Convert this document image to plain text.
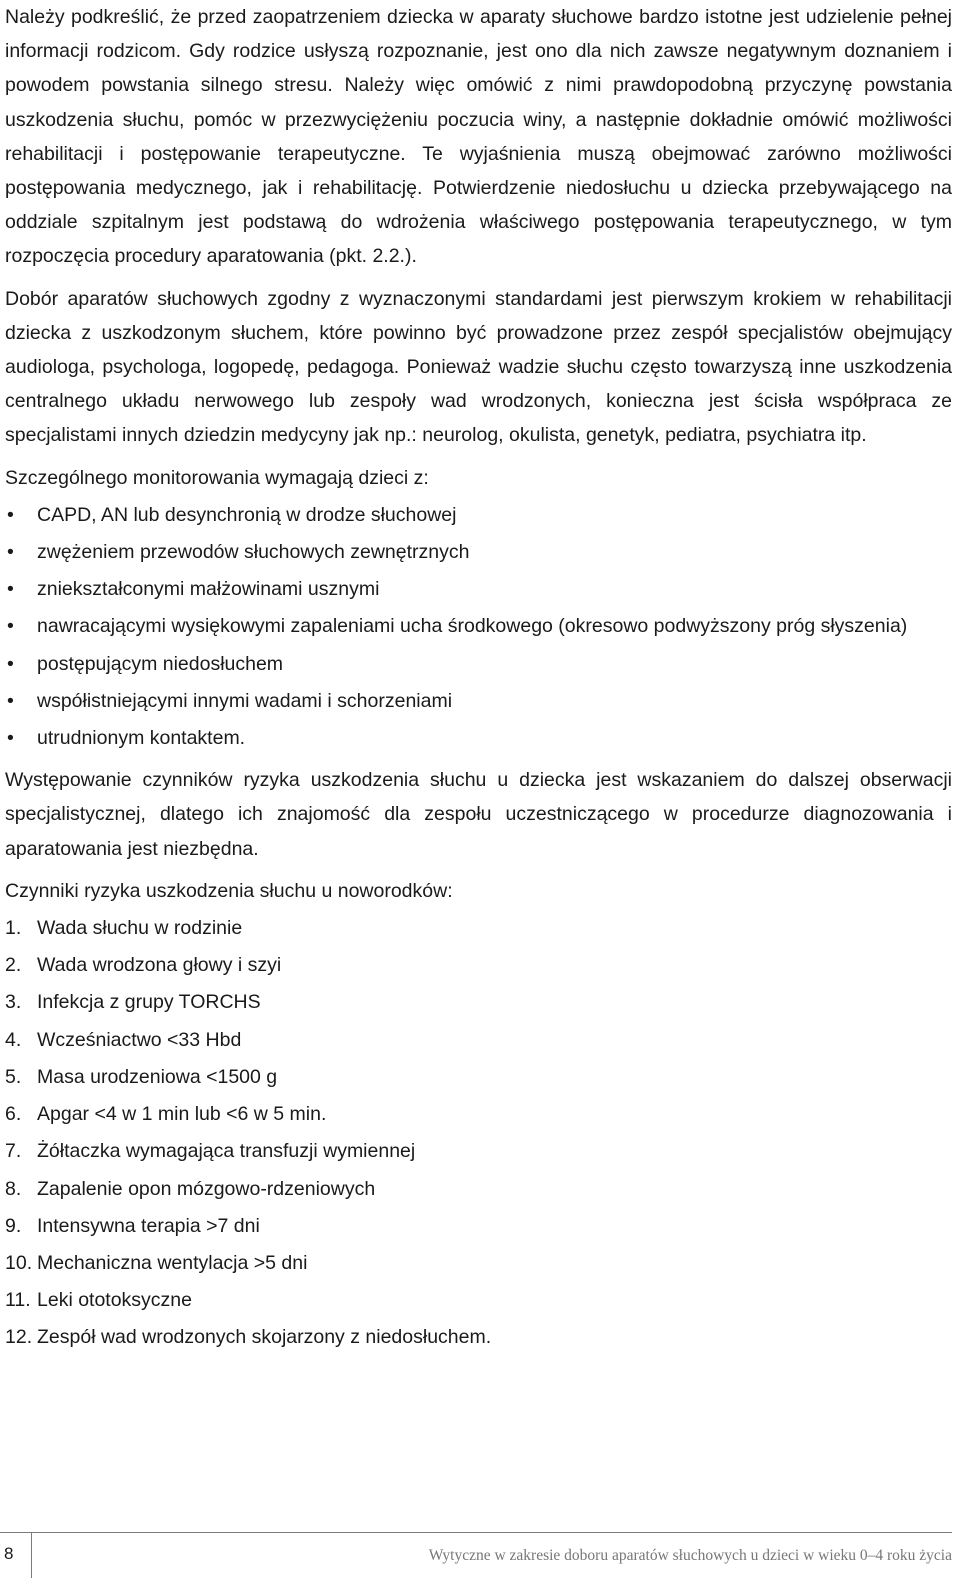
Należy podkreślić, że przed zaopatrzeniem dziecka w aparaty słuchowe bardzo istotne jest udzielenie pełnej informacji rodzicom. Gdy rodzice usłyszą rozpoznanie, jest ono dla nich zawsze negatywnym doznaniem i powodem powstania silnego stresu. Należy więc omówić z nimi prawdopodobną przyczynę powstania uszkodzenia słuchu, pomóc w przezwyciężeniu poczucia winy, a następnie dokładnie omówić możliwości rehabilitacji i postępowanie terapeutyczne. Te wyjaśnienia muszą obejmować zarówno możliwości postępowania medycznego, jak i rehabilitację. Potwierdzenie niedosłuchu u dziecka przebywającego na oddziale szpitalnym jest podstawą do wdrożenia właściwego postępowania terapeutycznego, w tym rozpoczęcia procedury aparatowania (pkt. 2.2.).

Dobór aparatów słuchowych zgodny z wyznaczonymi standardami jest pierwszym krokiem w rehabilitacji dziecka z uszkodzonym słuchem, które powinno być prowadzone przez zespół specjalistów obejmujący audiologa, psychologa, logopedę, pedagoga. Ponieważ wadzie słuchu często towarzyszą inne uszkodzenia centralnego układu nerwowego lub zespoły wad wrodzonych, konieczna jest ścisła współpraca ze specjalistami innych dziedzin medycyny jak np.: neurolog, okulista, genetyk, pediatra, psychiatra itp.

Szczególnego monitorowania wymagają dzieci z:

• CAPD, AN lub desynchronią w drodze słuchowej
• zwężeniem przewodów słuchowych zewnętrznych
• zniekształconymi małżowinami usznymi
• nawracającymi wysiękowymi zapaleniami ucha środkowego (okresowo podwyższony próg słyszenia)
• postępującym niedosłuchem
• współistniejącymi innymi wadami i schorzeniami
• utrudnionym kontaktem.

Występowanie czynników ryzyka uszkodzenia słuchu u dziecka jest wskazaniem do dalszej obserwacji specjalistycznej, dlatego ich znajomość dla zespołu uczestniczącego w procedurze diagnozowania i aparatowania jest niezbędna.

Czynniki ryzyka uszkodzenia słuchu u noworodków:

1. Wada słuchu w rodzinie
2. Wada wrodzona głowy i szyi
3. Infekcja z grupy TORCHS
4. Wcześniactwo <33 Hbd
5. Masa urodzeniowa <1500 g
6. Apgar <4 w 1 min lub <6 w 5 min.
7. Żółtaczka wymagająca transfuzji wymiennej
8. Zapalenie opon mózgowo-rdzeniowych
9. Intensywna terapia >7 dni
10. Mechaniczna wentylacja >5 dni
11. Leki ototoksyczne
12. Zespół wad wrodzonych skojarzony z niedosłuchem.
8	Wytyczne w zakresie doboru aparatów słuchowych u dzieci w wieku 0–4 roku życia
